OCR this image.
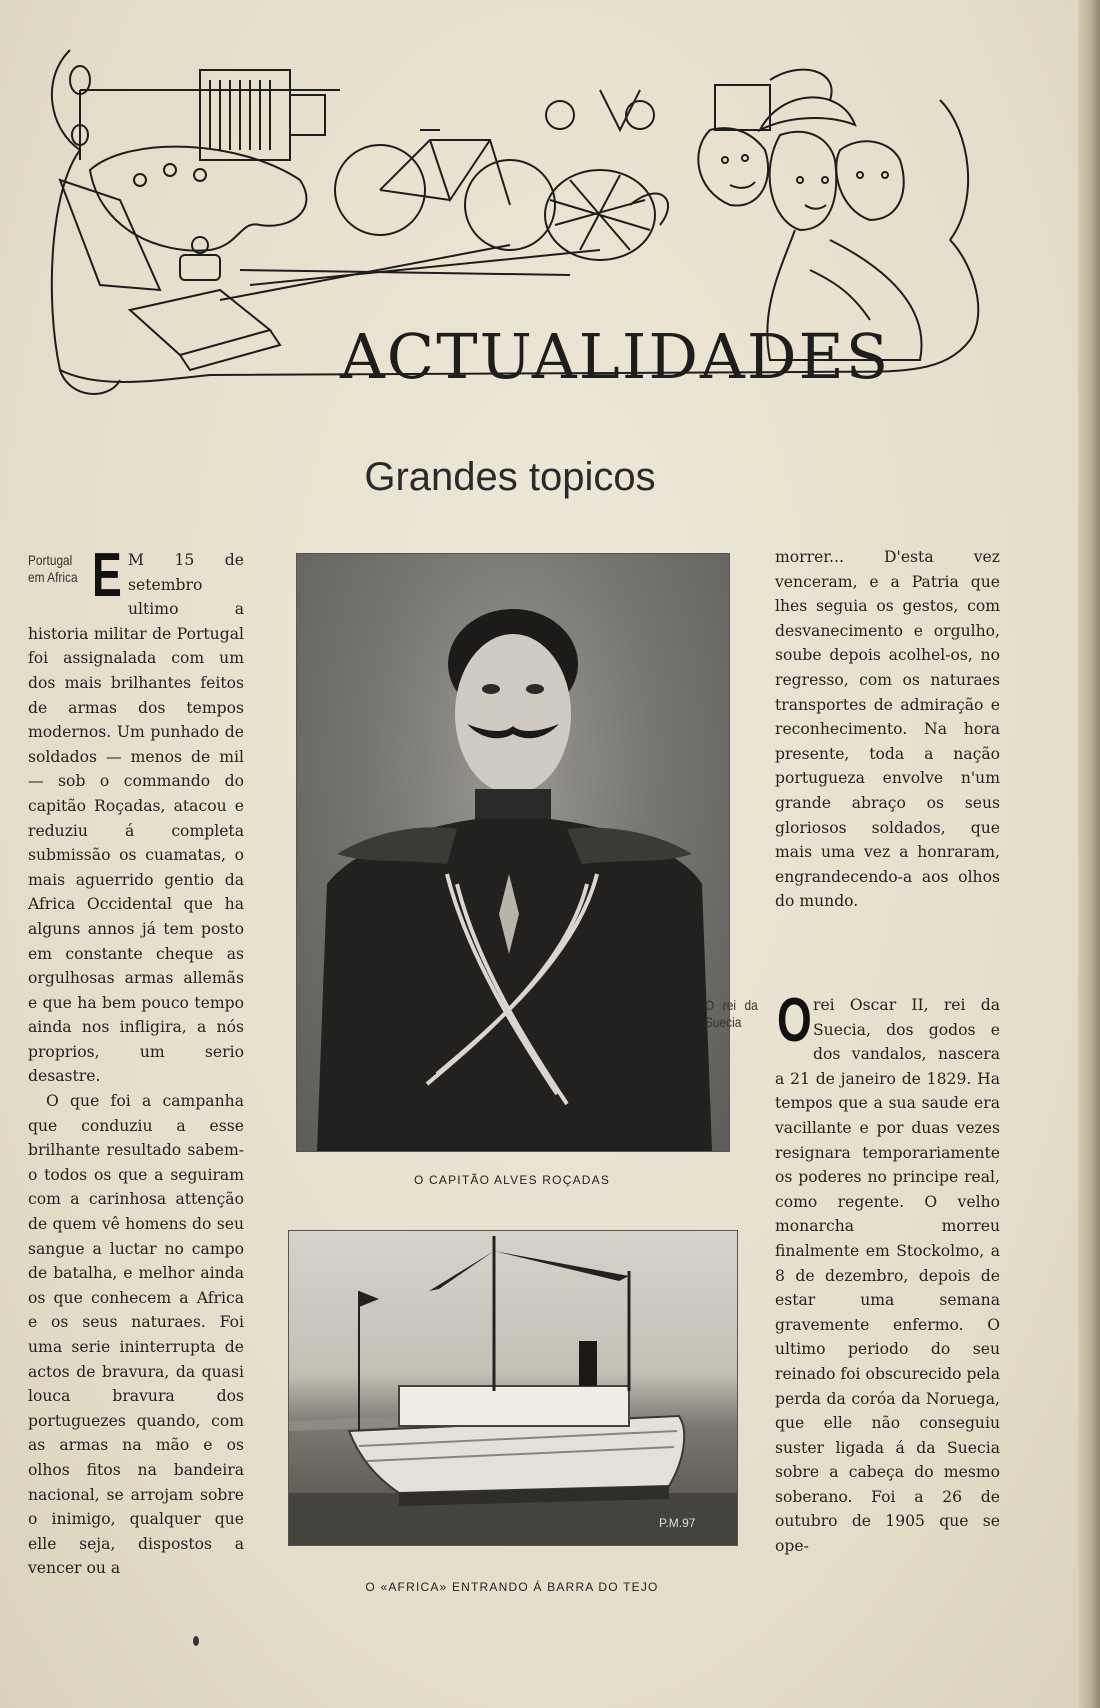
ACTUALIDADES
Grandes topicos
Portugal em Africa E M 15 de setembro ultimo a historia militar de Portugal foi assignalada com um dos mais brilhantes feitos de armas dos tempos modernos. Um punhado de soldados — menos de mil — sob o commando do capitão Roçadas, atacou e reduziu á completa submissão os cuamatas, o mais aguerrido gentio da Africa Occidental que ha alguns annos já tem posto em constante cheque as orgulhosas armas allemãs e que ha bem pouco tempo ainda nos infligira, a nós proprios, um serio desastre.

O que foi a campanha que conduziu a esse brilhante resultado sabem-o todos os que a seguiram com a carinhosa attenção de quem vê homens do seu sangue a luctar no campo de batalha, e melhor ainda os que conhecem a Africa e os seus naturaes. Foi uma serie ininterrupta de actos de bravura, da quasi louca bravura dos portuguezes quando, com as armas na mão e os olhos fitos na bandeira nacional, se arrojam sobre o inimigo, qualquer que elle seja, dispostos a vencer ou a

O CAPITÃO ALVES ROÇADAS
P.M.97
O «AFRICA» ENTRANDO Á BARRA DO TEJO

morrer... D'esta vez venceram, e a Patria que lhes seguia os gestos, com desvanecimento e orgulho, soube depois acolhel-os, no regresso, com os naturaes transportes de admiração e reconhecimento. Na hora presente, toda a nação portugueza envolve n'um grande abraço os seus gloriosos soldados, que mais uma vez a honraram, engrandecendo-a aos olhos do mundo.

O rei da Suecia O rei Oscar II, rei da Suecia, dos godos e dos vandalos, nascera a 21 de janeiro de 1829. Ha tempos que a sua saude era vacillante e por duas vezes resignara temporariamente os poderes no principe real, como regente. O velho monarcha morreu finalmente em Stockolmo, a 8 de dezembro, depois de estar uma semana gravemente enfermo. O ultimo periodo do seu reinado foi obscurecido pela perda da coróa da Noruega, que elle não conseguiu suster ligada á da Suecia sobre a cabeça do mesmo soberano. Foi a 26 de outubro de 1905 que se ope-
